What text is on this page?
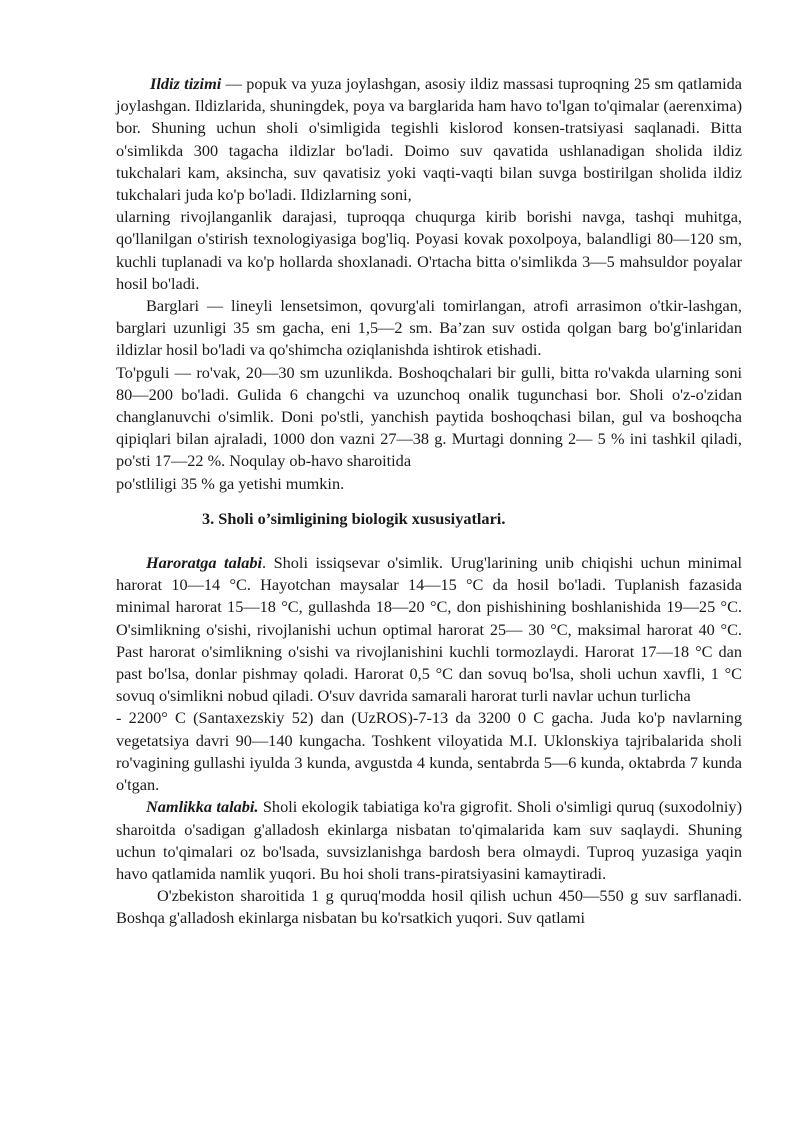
Ildiz tizimi — popuk va yuza joylashgan, asosiy ildiz massasi tuproqning 25 sm qatlamida joylashgan. Ildizlarida, shuningdek, poya va barglarida ham havo to'lgan to'qimalar (aerenxima) bor. Shuning uchun sholi o'simligida tegishli kislorod konsen-tratsiyasi saqlanadi. Bitta o'simlikda 300 tagacha ildizlar bo'ladi. Doimo suv qavatida ushlanadigan sholida ildiz tukchalari kam, aksincha, suv qavatisiz yoki vaqti-vaqti bilan suvga bostirilgan sholida ildiz tukchalari juda ko'p bo'ladi. Ildizlarning soni,

ularning rivojlanganlik darajasi, tuproqqa chuqurga kirib borishi navga, tashqi muhitga, qo'llanilgan o'stirish texnologiyasiga bog'liq. Poyasi kovak poxolpoya, balandligi 80—120 sm, kuchli tuplanadi va ko'p hollarda shoxlanadi. O'rtacha bitta o'simlikda 3—5 mahsuldor poyalar hosil bo'ladi.

Barglari — lineyli lensetsimon, qovurg'ali tomirlangan, atrofi arrasimon o'tkir-lashgan, barglari uzunligi 35 sm gacha, eni 1,5—2 sm. Ba’zan suv ostida qolgan barg bo'g'inlaridan ildizlar hosil bo'ladi va qo'shimcha oziqlanishda ishtirok etishadi.

To'pguli — ro'vak, 20—30 sm uzunlikda. Boshoqchalari bir gulli, bitta ro'vakda ularning soni 80—200 bo'ladi. Gulida 6 changchi va uzunchoq onalik tugunchasi bor. Sholi o'z-o'zidan changlanuvchi o'simlik. Doni po'stli, yanchish paytida boshoqchasi bilan, gul va boshoqcha qipiqlari bilan ajraladi, 1000 don vazni 27—38 g. Murtagi donning 2— 5 % ini tashkil qiladi, po'sti 17—22 %. Noqulay ob-havo sharoitida

po'stliligi 35 % ga yetishi mumkin.

3. Sholi o’simligining biologik xususiyatlari.

Haroratga talabi. Sholi issiqsevar o'simlik. Urug'larining unib chiqishi uchun minimal harorat 10—14 °C. Hayotchan maysalar 14—15 °C da hosil bo'ladi. Tuplanish fazasida minimal harorat 15—18 °C, gullashda 18—20 °C, don pishishining boshlanishida 19—25 °C. O'simlikning o'sishi, rivojlanishi uchun optimal harorat 25— 30 °C, maksimal harorat 40 °C. Past harorat o'simlikning o'sishi va rivojlanishini kuchli tormozlaydi. Harorat 17—18 °C dan past bo'lsa, donlar pishmay qoladi. Harorat 0,5 °C dan sovuq bo'lsa, sholi uchun xavfli, 1 °C sovuq o'simlikni nobud qiladi. O'suv davrida samarali harorat turli navlar uchun turlicha

- 2200° C (Santaxezskiy 52) dan (UzROS)-7-13 da 3200 0 C gacha. Juda ko'p navlarning vegetatsiya davri 90—140 kungacha. Toshkent viloyatida M.I. Uklonskiya tajribalarida sholi ro'vagining gullashi iyulda 3 kunda, avgustda 4 kunda, sentabrda 5—6 kunda, oktabrda 7 kunda o'tgan.

Namlikka talabi. Sholi ekologik tabiatiga ko'ra gigrofit. Sholi o'simligi quruq (suxodolniy) sharoitda o'sadigan g'alladosh ekinlarga nisbatan to'qimalarida kam suv saqlaydi. Shuning uchun to'qimalari oz bo'lsada, suvsizlanishga bardosh bera olmaydi. Tuproq yuzasiga yaqin havo qatlamida namlik yuqori. Bu hoi sholi trans-piratsiyasini kamaytiradi.

O'zbekiston sharoitida 1 g quruq'modda hosil qilish uchun 450—550 g suv sarflanadi. Boshqa g'alladosh ekinlarga nisbatan bu ko'rsatkich yuqori. Suv qatlami
